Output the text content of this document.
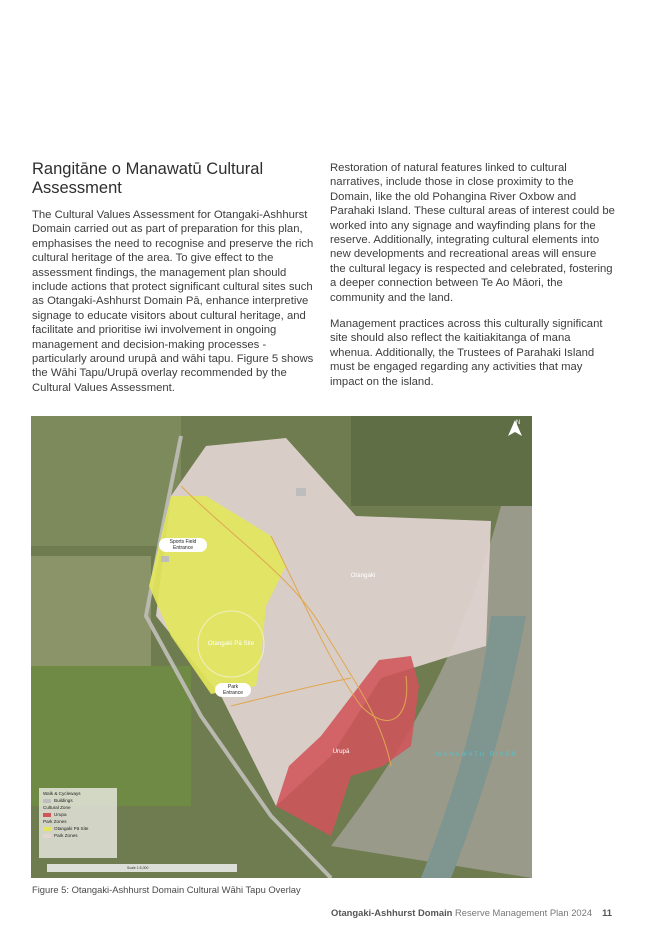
Rangitāne o Manawatū Cultural Assessment

The Cultural Values Assessment for Otangaki-Ashhurst Domain carried out as part of preparation for this plan, emphasises the need to recognise and preserve the rich cultural heritage of the area. To give effect to the assessment findings, the management plan should include actions that protect significant cultural sites such as Otangaki-Ashhurst Domain Pā, enhance interpretive signage to educate visitors about cultural heritage, and facilitate and prioritise iwi involvement in ongoing management and decision-making processes - particularly around urupā and wāhi tapu. Figure 5 shows the Wāhi Tapu/Urupā overlay recommended by the Cultural Values Assessment.

Restoration of natural features linked to cultural narratives, include those in close proximity to the Domain, like the old Pohangina River Oxbow and Parahaki Island. These cultural areas of interest could be worked into any signage and wayfinding plans for the reserve. Additionally, integrating cultural elements into new developments and recreational areas will ensure the cultural legacy is respected and celebrated, fostering a deeper connection between Te Ao Māori, the community and the land.

Management practices across this culturally significant site should also reflect the kaitiakitanga of mana whenua. Additionally, the Trustees of Parahaki Island must be engaged regarding any activities that may impact on the island.

N
Otangaki
Otangaki Pā Site
Urupā	MANAWATU RIVER
Sports Field Entrance
Park Entrance
Walk & Cycleways
Buildings
Cultural Zone
Urupa
Park Zones
Otangaki Pā Site
Park Zones
Scale 1:5,000

Figure 5: Otangaki-Ashhurst Domain Cultural Wāhi Tapu Overlay

Otangaki-Ashhurst Domain Reserve Management Plan 2024 11
